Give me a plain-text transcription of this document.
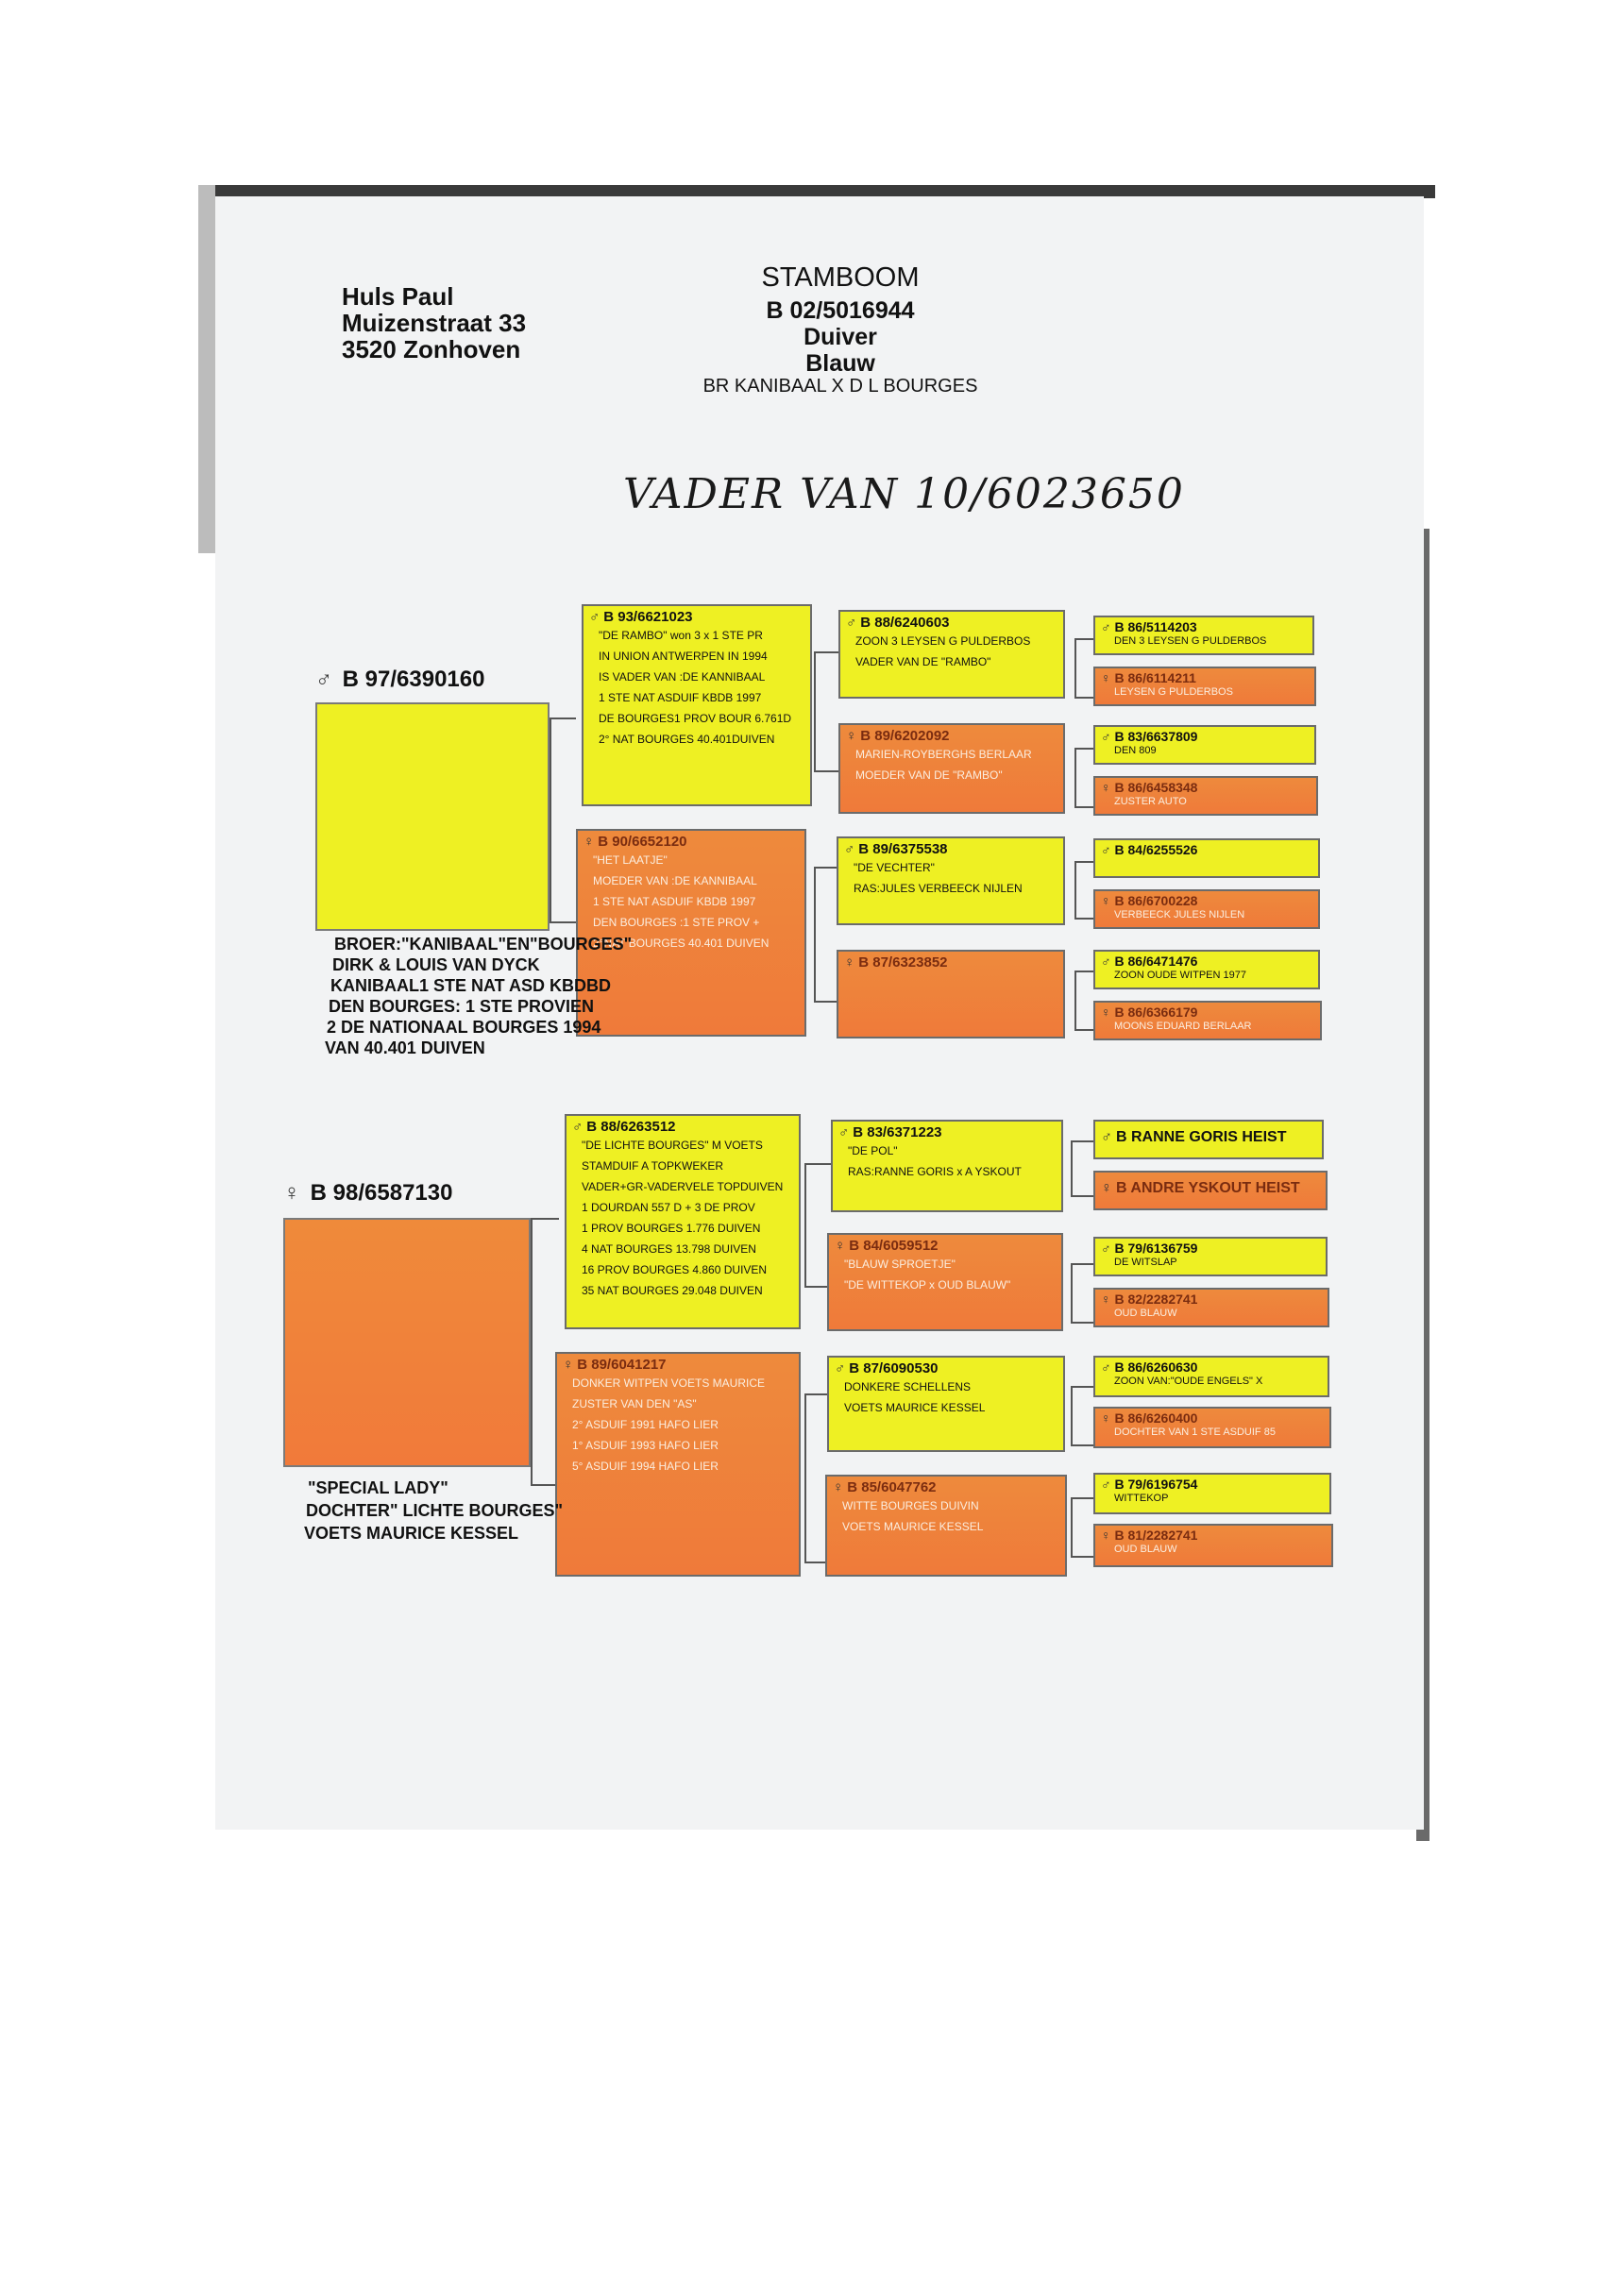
Huls Paul
Muizenstraat 33
3520 Zonhoven
STAMBOOM
B 02/5016944
Duiver
Blauw
BR KANIBAAL X D L BOURGES
VADER VAN 10/6023650
♂ B 97/6390160
♀ B 98/6587130
♂ B 93/6621023
"DE RAMBO" won 3 x 1 STE PR
IN UNION ANTWERPEN IN 1994
IS VADER VAN :DE KANNIBAAL
1 STE NAT ASDUIF KBDB 1997
DE BOURGES1 PROV BOUR 6.761D
2° NAT BOURGES 40.401DUIVEN
♀ B 90/6652120
"HET LAATJE"
MOEDER VAN :DE KANNIBAAL
1 STE NAT ASDUIF KBDB 1997
DEN BOURGES :1 STE PROV +
2°NAT BOURGES 40.401 DUIVEN
♂ B 88/6263512
"DE LICHTE BOURGES" M VOETS
STAMDUIF A TOPKWEKER
VADER+GR-VADERVELE TOPDUIVEN
1 DOURDAN 557 D + 3 DE PROV
1 PROV BOURGES 1.776 DUIVEN
4 NAT BOURGES 13.798 DUIVEN
16 PROV BOURGES 4.860 DUIVEN
35 NAT BOURGES 29.048 DUIVEN
♀ B 89/6041217
DONKER WITPEN VOETS MAURICE
ZUSTER VAN DEN "AS"
2° ASDUIF 1991 HAFO LIER
1° ASDUIF 1993 HAFO LIER
5° ASDUIF 1994 HAFO LIER
♂ B 88/6240603
ZOON 3 LEYSEN G PULDERBOS
VADER VAN DE "RAMBO"
♀ B 89/6202092
MARIEN-ROYBERGHS BERLAAR
MOEDER VAN DE "RAMBO"
♂ B 89/6375538
"DE VECHTER"
RAS:JULES VERBEECK NIJLEN
♀ B 87/6323852
♂ B 83/6371223
"DE POL"
RAS:RANNE GORIS x A YSKOUT
♀ B 84/6059512
"BLAUW SPROETJE"
"DE WITTEKOP x OUD BLAUW"
♂ B 87/6090530
DONKERE SCHELLENS
VOETS MAURICE KESSEL
♀ B 85/6047762
WITTE BOURGES DUIVIN
VOETS MAURICE KESSEL
♂ B 86/5114203
DEN 3 LEYSEN G PULDERBOS
♀ B 86/6114211
LEYSEN G PULDERBOS
♂ B 83/6637809
DEN 809
♀ B 86/6458348
ZUSTER AUTO
♂ B 84/6255526
♀ B 86/6700228
VERBEECK JULES NIJLEN
♂ B 86/6471476
ZOON OUDE WITPEN 1977
♀ B 86/6366179
MOONS EDUARD BERLAAR
♂ B RANNE GORIS HEIST
♀ B ANDRE YSKOUT HEIST
♂ B 79/6136759
DE WITSLAP
♀ B 82/2282741
OUD BLAUW
♂ B 86/6260630
ZOON VAN:"OUDE ENGELS" X
♀ B 86/6260400
DOCHTER VAN 1 STE ASDUIF 85
♂ B 79/6196754
WITTEKOP
♀ B 81/2282741
OUD BLAUW
BROER:"KANIBAAL"EN"BOURGES"
DIRK & LOUIS VAN DYCK
KANIBAAL1 STE NAT ASD KBDBD
DEN BOURGES: 1 STE PROVIEN
2 DE NATIONAAL BOURGES 1994
VAN 40.401 DUIVEN
"SPECIAL LADY"
DOCHTER" LICHTE BOURGES"
VOETS MAURICE KESSEL
